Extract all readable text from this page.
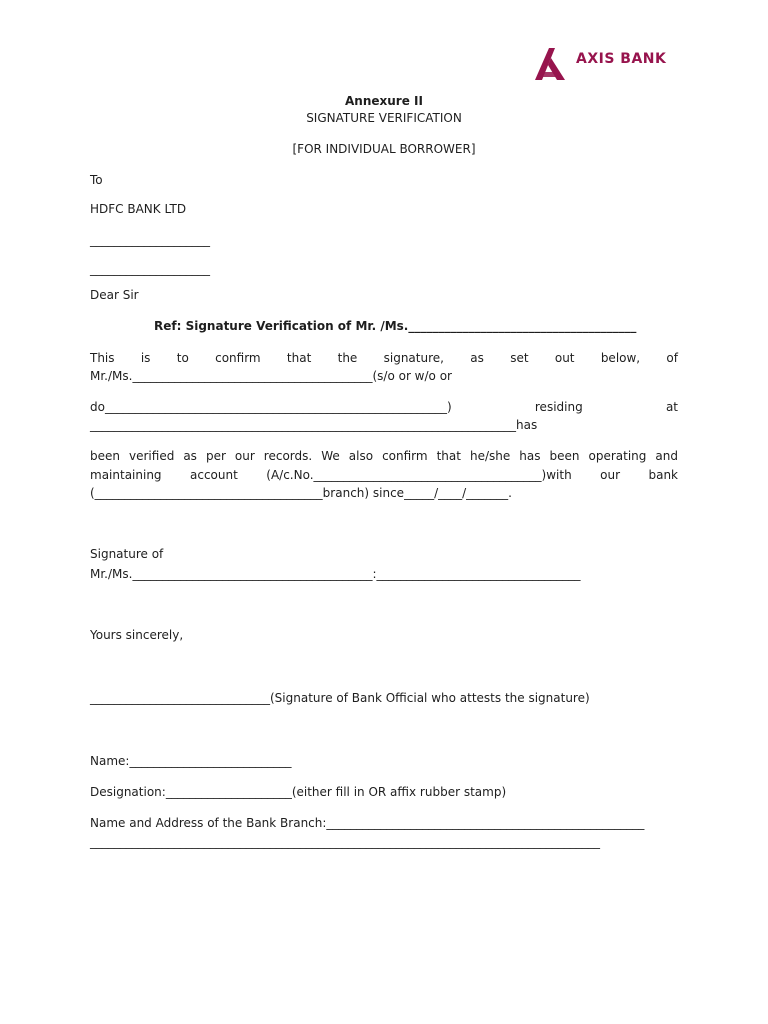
AXIS BANK
Annexure II
SIGNATURE VERIFICATION
[FOR INDIVIDUAL BORROWER]
To
HDFC BANK LTD
____________________
____________________
Dear Sir
Ref: Signature Verification of Mr. /Ms.______________________________________
This is to confirm that the signature, as set out below, of
Mr./Ms.________________________________________(s/o or w/o or
do_________________________________________________________) residing at
_______________________________________________________________________has
been verified as per our records. We also confirm that he/she has been operating and
maintaining account (A/c.No.______________________________________)with our bank
(______________________________________branch) since_____/____/_______.
Signature of
Mr./Ms.________________________________________:__________________________________
Yours sincerely,
______________________________(Signature of Bank Official who attests the signature)
Name:___________________________
Designation:_____________________(either fill in OR affix rubber stamp)
Name and Address of the Bank Branch:_____________________________________________________
_____________________________________________________________________________________
